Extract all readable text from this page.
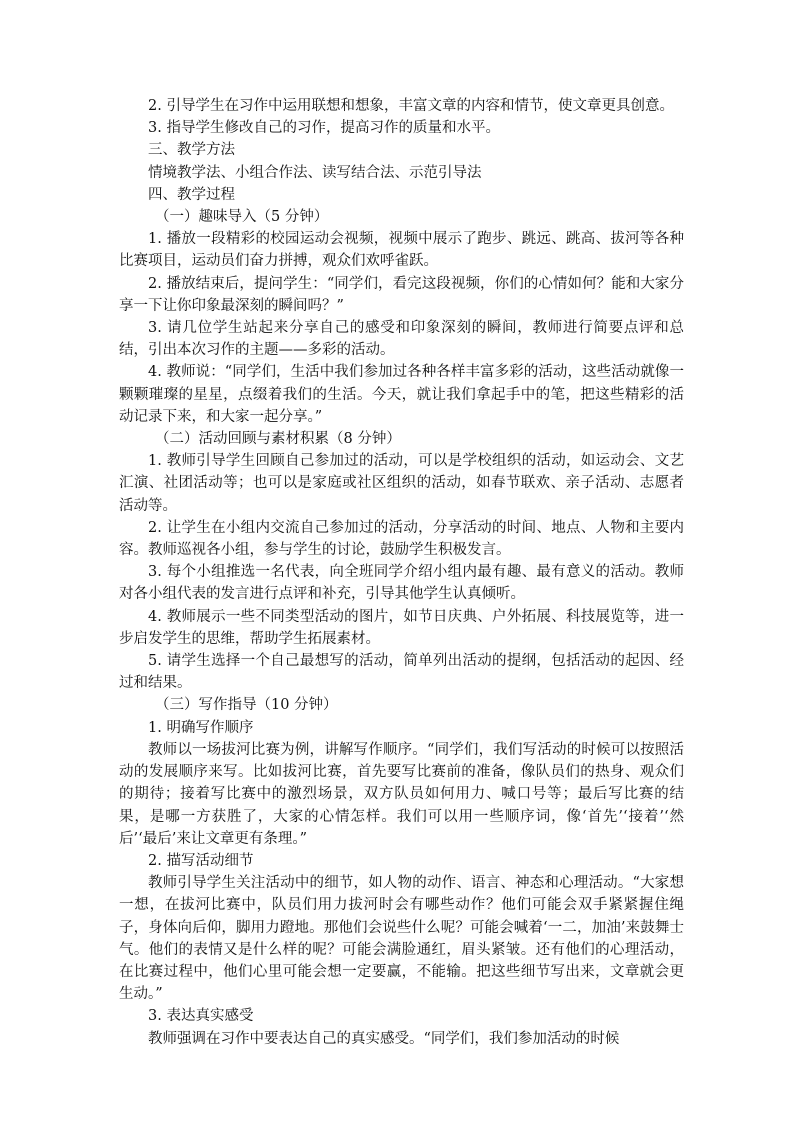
2. 引导学生在习作中运用联想和想象，丰富文章的内容和情节，使文章更具创意。

3. 指导学生修改自己的习作，提高习作的质量和水平。

三、教学方法

情境教学法、小组合作法、读写结合法、示范引导法

四、教学过程

（一）趣味导入（5 分钟）

1. 播放一段精彩的校园运动会视频，视频中展示了跑步、跳远、跳高、拔河等各种比赛项目，运动员们奋力拼搏，观众们欢呼雀跃。

2. 播放结束后，提问学生：“同学们，看完这段视频，你们的心情如何？能和大家分享一下让你印象最深刻的瞬间吗？”

3. 请几位学生站起来分享自己的感受和印象深刻的瞬间，教师进行简要点评和总结，引出本次习作的主题——多彩的活动。

4. 教师说：“同学们，生活中我们参加过各种各样丰富多彩的活动，这些活动就像一颗颗璀璨的星星，点缀着我们的生活。今天，就让我们拿起手中的笔，把这些精彩的活动记录下来，和大家一起分享。”

（二）活动回顾与素材积累（8 分钟）

1. 教师引导学生回顾自己参加过的活动，可以是学校组织的活动，如运动会、文艺汇演、社团活动等；也可以是家庭或社区组织的活动，如春节联欢、亲子活动、志愿者活动等。

2. 让学生在小组内交流自己参加过的活动，分享活动的时间、地点、人物和主要内容。教师巡视各小组，参与学生的讨论，鼓励学生积极发言。

3. 每个小组推选一名代表，向全班同学介绍小组内最有趣、最有意义的活动。教师对各小组代表的发言进行点评和补充，引导其他学生认真倾听。

4. 教师展示一些不同类型活动的图片，如节日庆典、户外拓展、科技展览等，进一步启发学生的思维，帮助学生拓展素材。

5. 请学生选择一个自己最想写的活动，简单列出活动的提纲，包括活动的起因、经过和结果。

（三）写作指导（10 分钟）

1. 明确写作顺序

教师以一场拔河比赛为例，讲解写作顺序。“同学们，我们写活动的时候可以按照活动的发展顺序来写。比如拔河比赛，首先要写比赛前的准备，像队员们的热身、观众们的期待；接着写比赛中的激烈场景，双方队员如何用力、喊口号等；最后写比赛的结果，是哪一方获胜了，大家的心情怎样。我们可以用一些顺序词，像‘首先’‘接着’‘然后’‘最后’来让文章更有条理。”

2. 描写活动细节

教师引导学生关注活动中的细节，如人物的动作、语言、神态和心理活动。“大家想一想，在拔河比赛中，队员们用力拔河时会有哪些动作？他们可能会双手紧紧握住绳子，身体向后仰，脚用力蹬地。那他们会说些什么呢？可能会喊着‘一二，加油’来鼓舞士气。他们的表情又是什么样的呢？可能会满脸通红，眉头紧皱。还有他们的心理活动，在比赛过程中，他们心里可能会想一定要赢，不能输。把这些细节写出来，文章就会更生动。”

3. 表达真实感受

教师强调在习作中要表达自己的真实感受。“同学们，我们参加活动的时候
